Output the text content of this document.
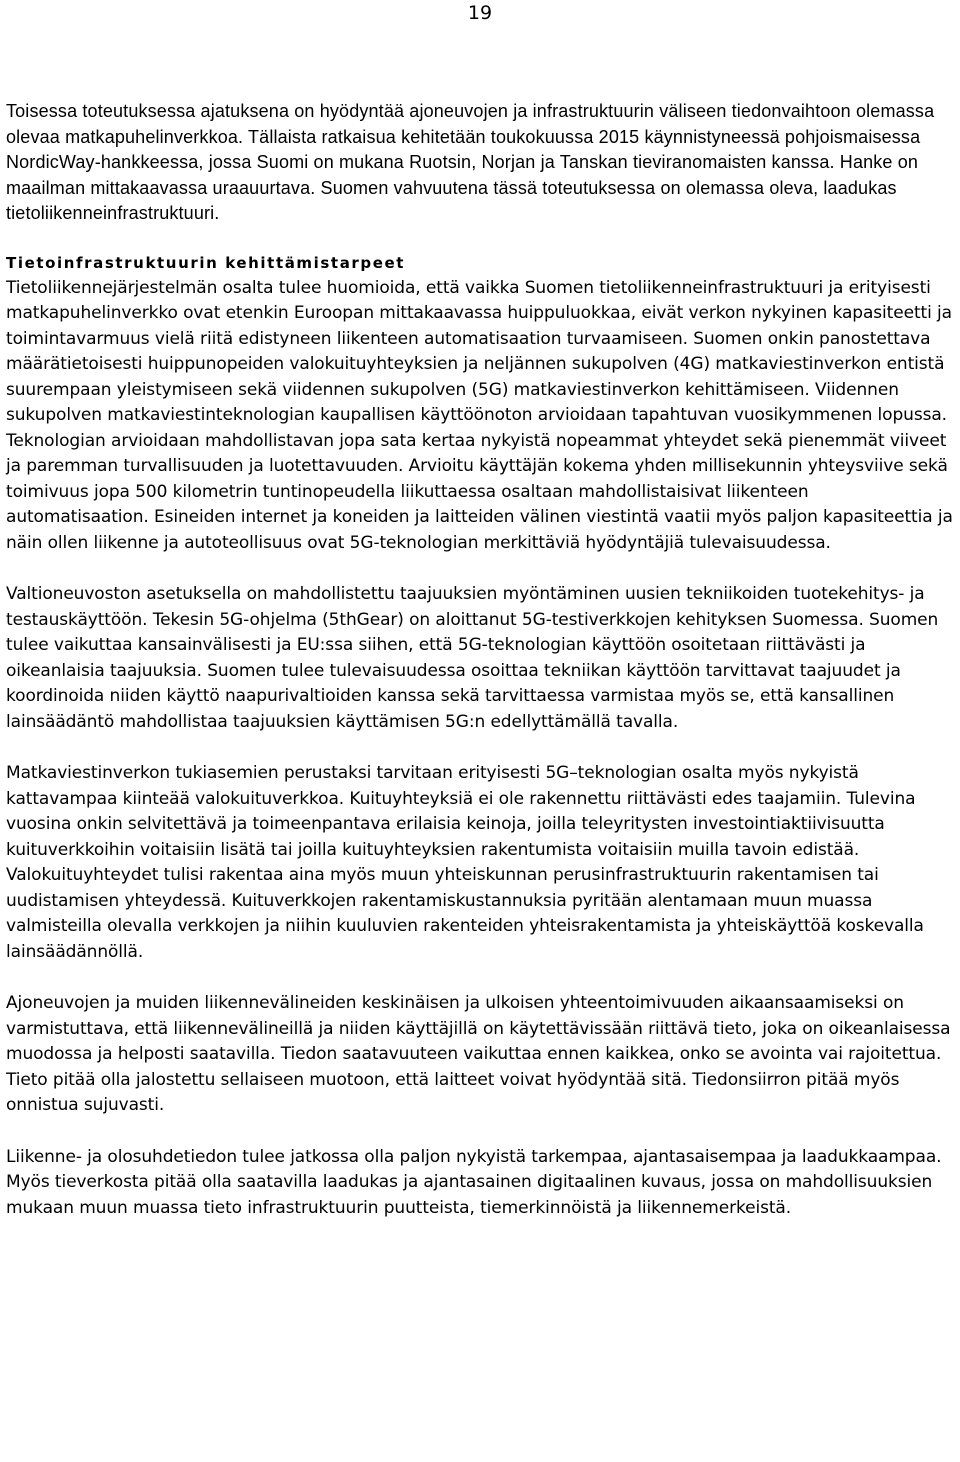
19

Toisessa toteutuksessa ajatuksena on hyödyntää ajoneuvojen ja infrastruktuurin väliseen tiedonvaihtoon olemassa olevaa matkapuhelinverkkoa. Tällaista ratkaisua kehitetään toukokuussa 2015 käynnistyneessä pohjoismaisessa NordicWay-hankkeessa, jossa Suomi on mukana Ruotsin, Norjan ja Tanskan tieviranomaisten kanssa. Hanke on maailman mittakaavassa uraauurtava. Suomen vahvuutena tässä toteutuksessa on olemassa oleva, laadukas tietoliikenneinfrastruktuuri.

Tietoinfrastruktuurin kehittämistarpeet

Tietoliikennejärjestelmän osalta tulee huomioida, että vaikka Suomen tietoliikenneinfrastruktuuri ja erityisesti matkapuhelinverkko ovat etenkin Euroopan mittakaavassa huippuluokkaa, eivät verkon nykyinen kapasiteetti ja toimintavarmuus vielä riitä edistyneen liikenteen automatisaation turvaamiseen. Suomen onkin panostettava määrätietoisesti huippunopeiden valokuituyhteyksien ja neljännen sukupolven (4G) matkaviestinverkon entistä suurempaan yleistymiseen sekä viidennen sukupolven (5G) matkaviestinverkon kehittämiseen. Viidennen sukupolven matkaviestinteknologian kaupallisen käyttöönoton arvioidaan tapahtuvan vuosikymmenen lopussa. Teknologian arvioidaan mahdollistavan jopa sata kertaa nykyistä nopeammat yhteydet sekä pienemmät viiveet ja paremman turvallisuuden ja luotettavuuden. Arvioitu käyttäjän kokema yhden millisekunnin yhteysviive sekä toimivuus jopa 500 kilometrin tuntinopeudella liikuttaessa osaltaan mahdollistaisivat liikenteen automatisaation. Esineiden internet ja koneiden ja laitteiden välinen viestintä vaatii myös paljon kapasiteettia ja näin ollen liikenne ja autoteollisuus ovat 5G-teknologian merkittäviä hyödyntäjiä tulevaisuudessa.

Valtioneuvoston asetuksella on mahdollistettu taajuuksien myöntäminen uusien tekniikoiden tuotekehitys- ja testauskäyttöön. Tekesin 5G-ohjelma (5thGear) on aloittanut 5G-testiverkkojen kehityksen Suomessa. Suomen tulee vaikuttaa kansainvälisesti ja EU:ssa siihen, että 5G-teknologian käyttöön osoitetaan riittävästi ja oikeanlaisia taajuuksia. Suomen tulee tulevaisuudessa osoittaa tekniikan käyttöön tarvittavat taajuudet ja koordinoida niiden käyttö naapurivaltioiden kanssa sekä tarvittaessa varmistaa myös se, että kansallinen lainsäädäntö mahdollistaa taajuuksien käyttämisen 5G:n edellyttämällä tavalla.

Matkaviestinverkon tukiasemien perustaksi tarvitaan erityisesti 5G–teknologian osalta myös nykyistä kattavampaa kiinteää valokuituverkkoa. Kuituyhteyksiä ei ole rakennettu riittävästi edes taajamiin. Tulevina vuosina onkin selvitettävä ja toimeenpantava erilaisia keinoja, joilla teleyritysten investointiaktiivisuutta kuituverkkoihin voitaisiin lisätä tai joilla kuituyhteyksien rakentumista voitaisiin muilla tavoin edistää. Valokuituyhteydet tulisi rakentaa aina myös muun yhteiskunnan perusinfrastruktuurin rakentamisen tai uudistamisen yhteydessä. Kuituverkkojen rakentamiskustannuksia pyritään alentamaan muun muassa valmisteilla olevalla verkkojen ja niihin kuuluvien rakenteiden yhteisrakentamista ja yhteiskäyttöä koskevalla lainsäädännöllä.

Ajoneuvojen ja muiden liikennevälineiden keskinäisen ja ulkoisen yhteentoimivuuden aikaansaamiseksi on varmistuttava, että liikennevälineillä ja niiden käyttäjillä on käytettävissään riittävä tieto, joka on oikeanlaisessa muodossa ja helposti saatavilla. Tiedon saatavuuteen vaikuttaa ennen kaikkea, onko se avointa vai rajoitettua. Tieto pitää olla jalostettu sellaiseen muotoon, että laitteet voivat hyödyntää sitä. Tiedonsiirron pitää myös onnistua sujuvasti.

Liikenne- ja olosuhdetiedon tulee jatkossa olla paljon nykyistä tarkempaa, ajantasaisempaa ja laadukkaampaa. Myös tieverkosta pitää olla saatavilla laadukas ja ajantasainen digitaalinen kuvaus, jossa on mahdollisuuksien mukaan muun muassa tieto infrastruktuurin puutteista, tiemerkinnöistä ja liikennemerkeistä.
